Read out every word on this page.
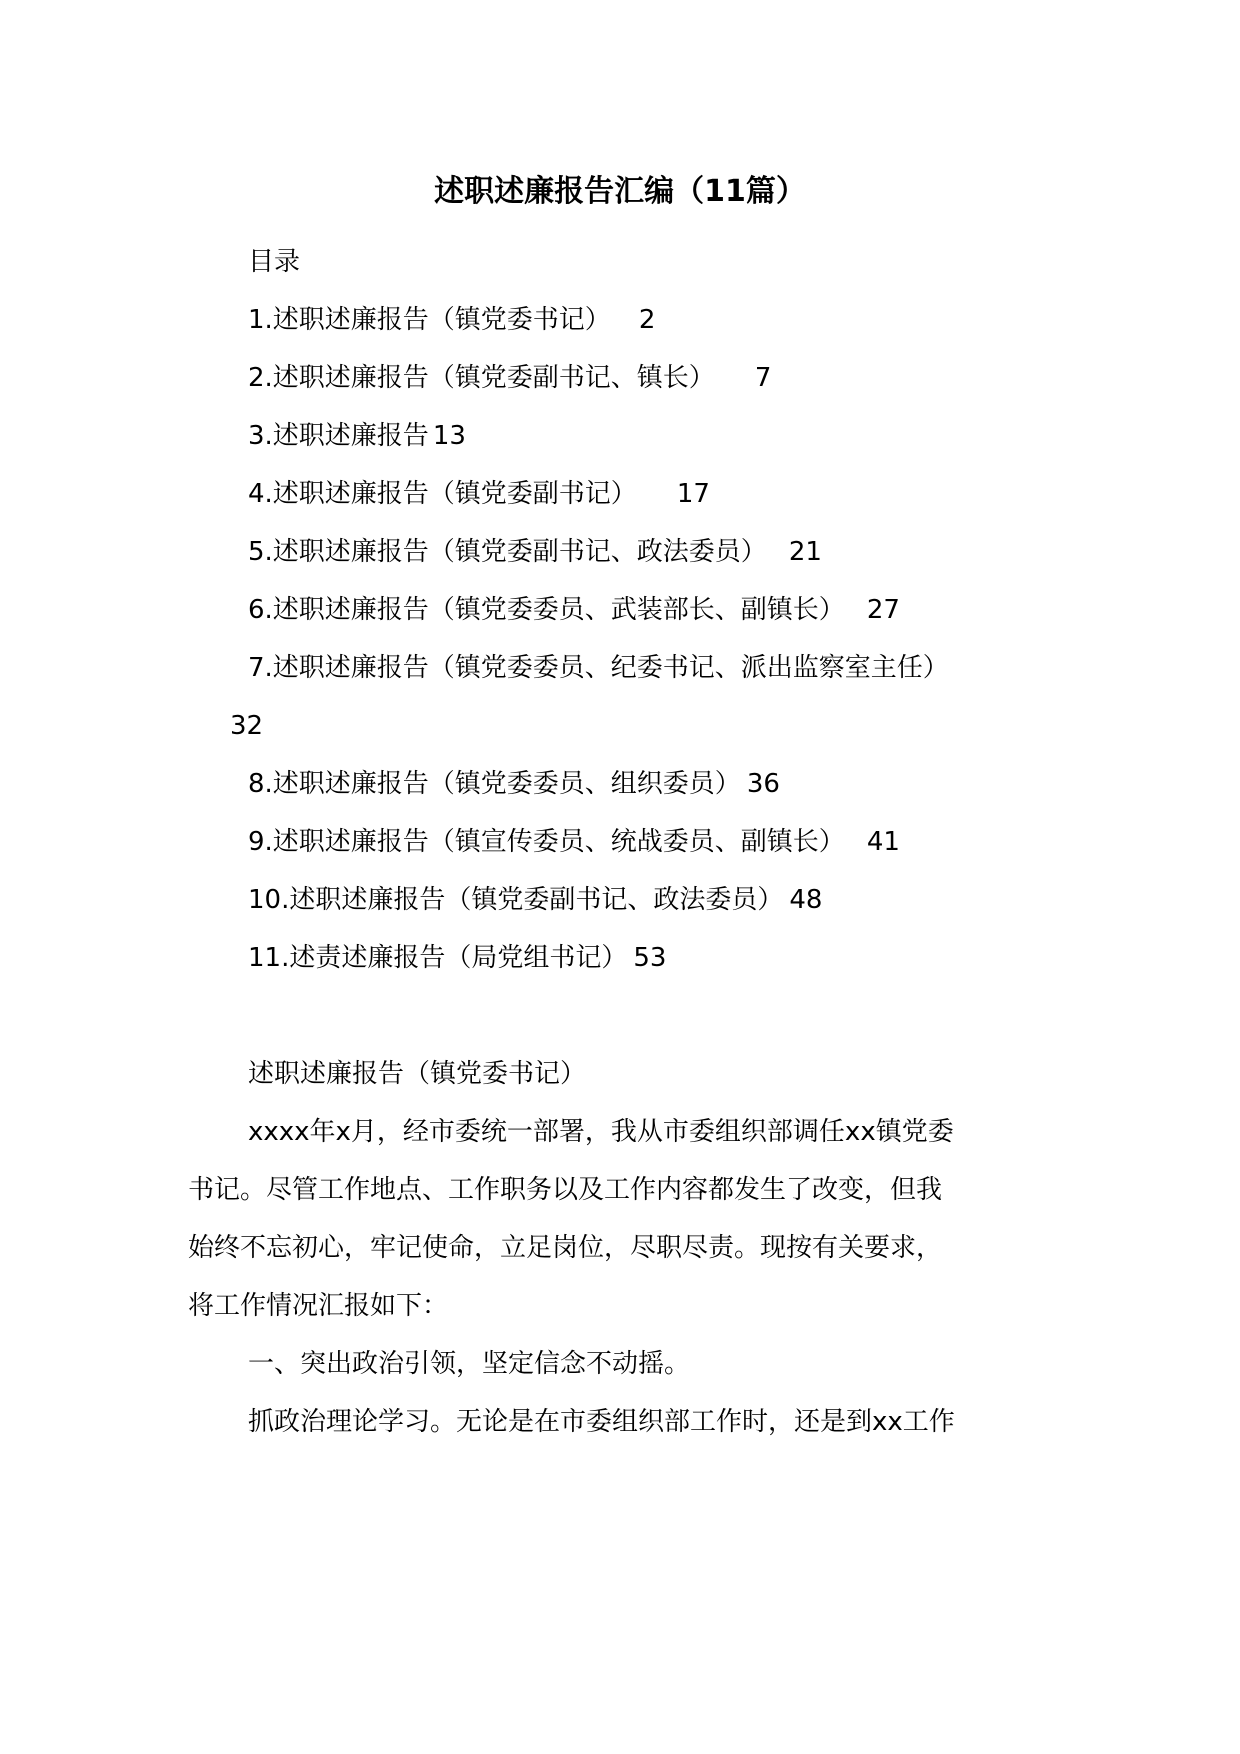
述职述廉报告汇编（11篇）
目录
1.述职述廉报告（镇党委书记） 2
2.述职述廉报告（镇党委副书记、镇长） 7
3.述职述廉报告 13
4.述职述廉报告（镇党委副书记） 17
5.述职述廉报告（镇党委副书记、政法委员） 21
6.述职述廉报告（镇党委委员、武装部长、副镇长） 27
7.述职述廉报告（镇党委委员、纪委书记、派出监察室主任）
32
8.述职述廉报告（镇党委委员、组织委员） 36
9.述职述廉报告（镇宣传委员、统战委员、副镇长） 41
10.述职述廉报告（镇党委副书记、政法委员） 48
11.述责述廉报告（局党组书记） 53
述职述廉报告（镇党委书记）
xxxx年x月，经市委统一部署，我从市委组织部调任xx镇党委
书记。尽管工作地点、工作职务以及工作内容都发生了改变，但我
始终不忘初心，牢记使命，立足岗位，尽职尽责。现按有关要求，
将工作情况汇报如下：
一、突出政治引领，坚定信念不动摇。
抓政治理论学习。无论是在市委组织部工作时，还是到xx工作
